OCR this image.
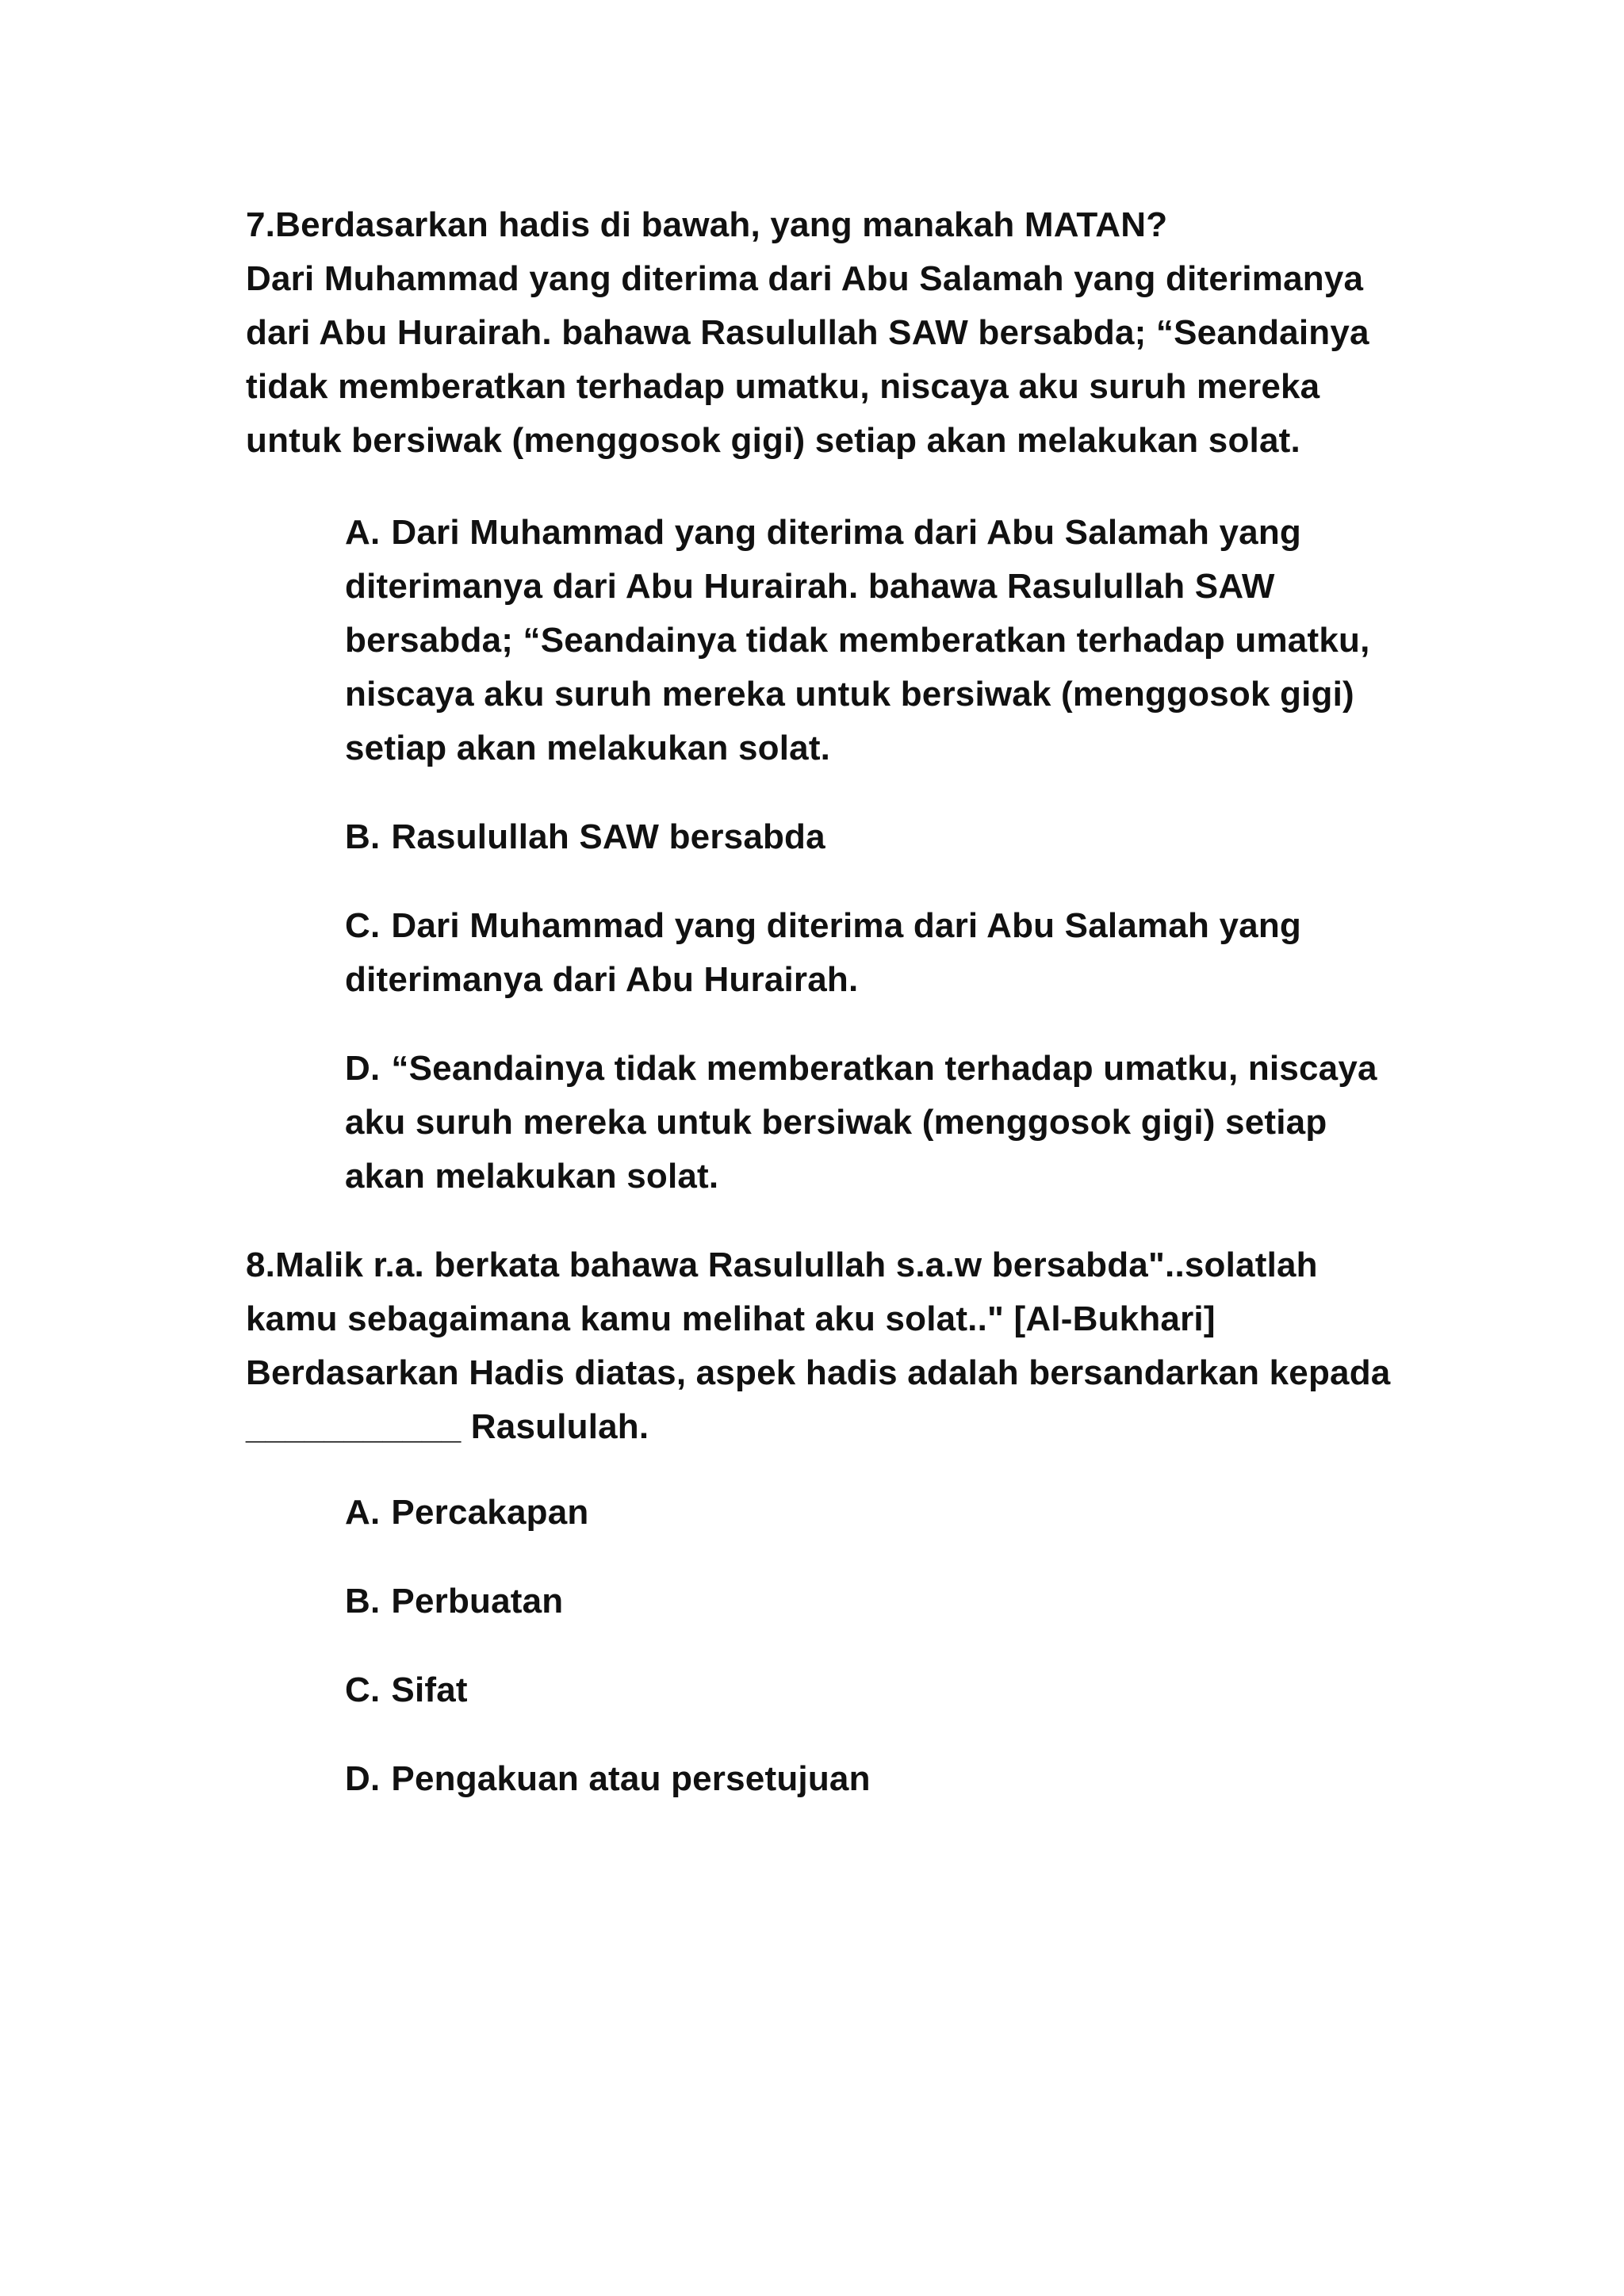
7.Berdasarkan hadis di bawah, yang manakah MATAN?

Dari Muhammad yang diterima dari Abu Salamah yang diterimanya dari Abu Hurairah. bahawa Rasulullah SAW bersabda; “Seandainya tidak memberatkan terhadap umatku, niscaya aku suruh mereka untuk bersiwak (menggosok gigi) setiap akan melakukan solat.

A. Dari Muhammad yang diterima dari Abu Salamah yang diterimanya dari Abu Hurairah. bahawa Rasulullah SAW bersabda; “Seandainya tidak memberatkan terhadap umatku, niscaya aku suruh mereka untuk bersiwak (menggosok gigi) setiap akan melakukan solat.
B. Rasulullah SAW bersabda
C. Dari Muhammad yang diterima dari Abu Salamah yang diterimanya dari Abu Hurairah.
D. “Seandainya tidak memberatkan terhadap umatku, niscaya aku suruh mereka untuk bersiwak (menggosok gigi) setiap akan melakukan solat.

8.Malik r.a. berkata bahawa Rasulullah s.a.w bersabda"..solatlah kamu sebagaimana kamu melihat aku solat.." [Al-Bukhari]

Berdasarkan Hadis diatas, aspek hadis adalah bersandarkan kepada ___________ Rasululah.

A. Percakapan
B. Perbuatan
C. Sifat
D. Pengakuan atau persetujuan
